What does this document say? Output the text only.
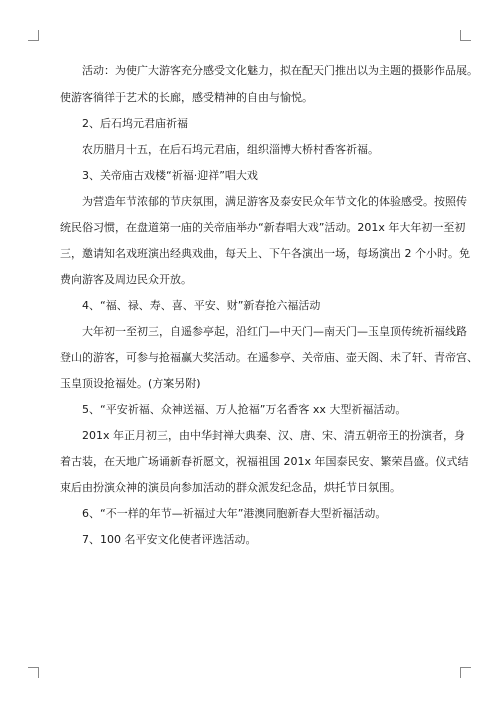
　　活动：为使广大游客充分感受文化魅力，拟在配天门推出以为主题的摄影作品展。
使游客徜徉于艺术的长廊，感受精神的自由与愉悦。
　　2、后石坞元君庙祈福
　　农历腊月十五，在后石坞元君庙，组织淄博大桥村香客祈福。
　　3、关帝庙古戏楼“祈福·迎祥”唱大戏
　　为营造年节浓郁的节庆氛围，满足游客及泰安民众年节文化的体验感受。按照传
统民俗习惯，在盘道第一庙的关帝庙举办“新春唱大戏”活动。201x 年大年初一至初
三，邀请知名戏班演出经典戏曲，每天上、下午各演出一场，每场演出 2 个小时。免
费向游客及周边民众开放。
　　4、“福、禄、寿、喜、平安、财”新春抢六福活动
　　大年初一至初三，自遥参亭起，沿红门—中天门—南天门—玉皇顶传统祈福线路
登山的游客，可参与抢福赢大奖活动。在遥参亭、关帝庙、壶天阁、未了轩、青帝宫、
玉皇顶设抢福处。(方案另附)
　　5、“平安祈福、众神送福、万人抢福”万名香客 xx 大型祈福活动。
　　201x 年正月初三，由中华封禅大典秦、汉、唐、宋、清五朝帝王的扮演者，身
着古装，在天地广场诵新春祈愿文，祝福祖国 201x 年国泰民安、繁荣昌盛。仪式结
束后由扮演众神的演员向参加活动的群众派发纪念品，烘托节日氛围。
　　6、“不一样的年节—祈福过大年”港澳同胞新春大型祈福活动。
　　7、100 名平安文化使者评选活动。
